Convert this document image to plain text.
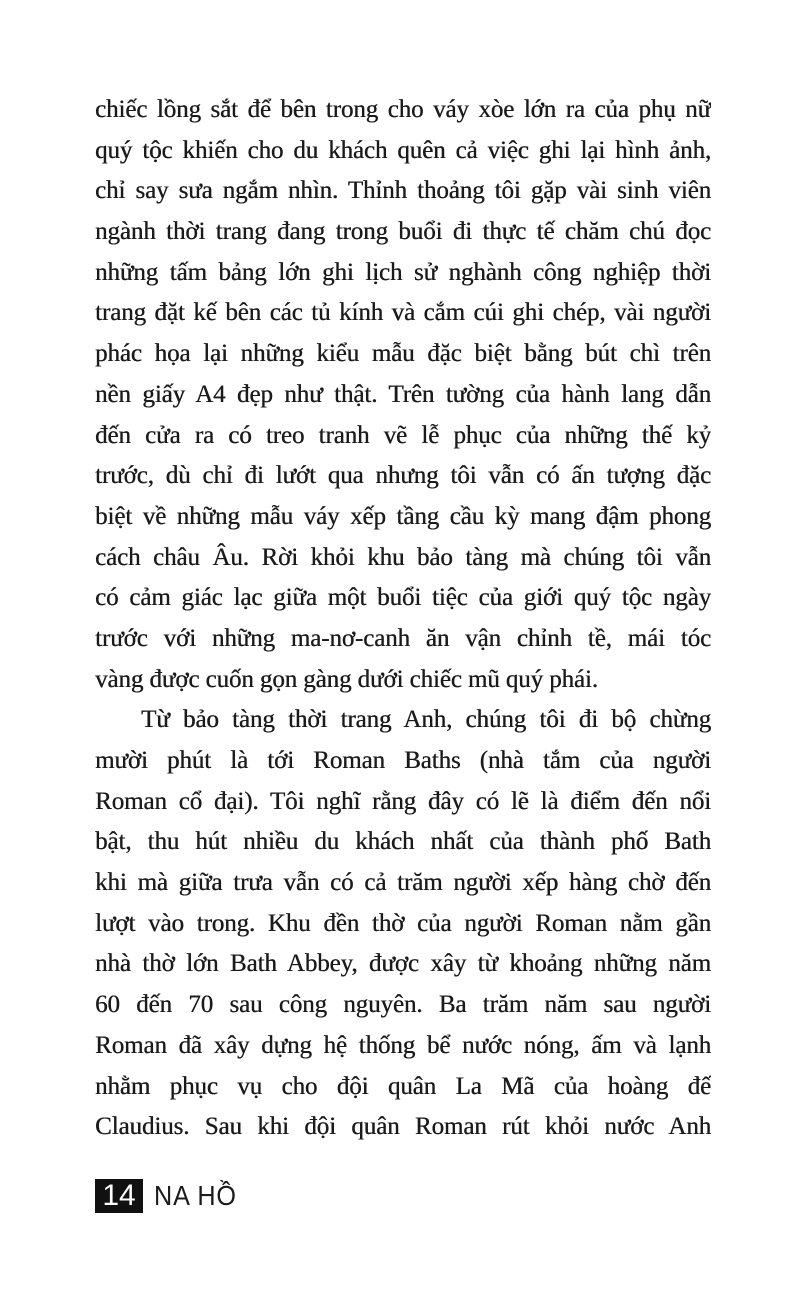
chiếc lồng sắt để bên trong cho váy xòe lớn ra của phụ nữ
quý tộc khiến cho du khách quên cả việc ghi lại hình ảnh,
chỉ say sưa ngắm nhìn. Thỉnh thoảng tôi gặp vài sinh viên
ngành thời trang đang trong buổi đi thực tế chăm chú đọc
những tấm bảng lớn ghi lịch sử nghành công nghiệp thời
trang đặt kế bên các tủ kính và cắm cúi ghi chép, vài người
phác họa lại những kiểu mẫu đặc biệt bằng bút chì trên
nền giấy A4 đẹp như thật. Trên tường của hành lang dẫn
đến cửa ra có treo tranh vẽ lễ phục của những thế kỷ
trước, dù chỉ đi lướt qua nhưng tôi vẫn có ấn tượng đặc
biệt về những mẫu váy xếp tầng cầu kỳ mang đậm phong
cách châu Âu. Rời khỏi khu bảo tàng mà chúng tôi vẫn
có cảm giác lạc giữa một buổi tiệc của giới quý tộc ngày
trước với những ma-nơ-canh ăn vận chỉnh tề, mái tóc
vàng được cuốn gọn gàng dưới chiếc mũ quý phái.
Từ bảo tàng thời trang Anh, chúng tôi đi bộ chừng
mười phút là tới Roman Baths (nhà tắm của người
Roman cổ đại). Tôi nghĩ rằng đây có lẽ là điểm đến nổi
bật, thu hút nhiều du khách nhất của thành phố Bath
khi mà giữa trưa vẫn có cả trăm người xếp hàng chờ đến
lượt vào trong. Khu đền thờ của người Roman nằm gần
nhà thờ lớn Bath Abbey, được xây từ khoảng những năm
60 đến 70 sau công nguyên. Ba trăm năm sau người
Roman đã xây dựng hệ thống bể nước nóng, ấm và lạnh
nhằm phục vụ cho đội quân La Mã của hoàng đế
Claudius. Sau khi đội quân Roman rút khỏi nước Anh
14 NA HỒ
